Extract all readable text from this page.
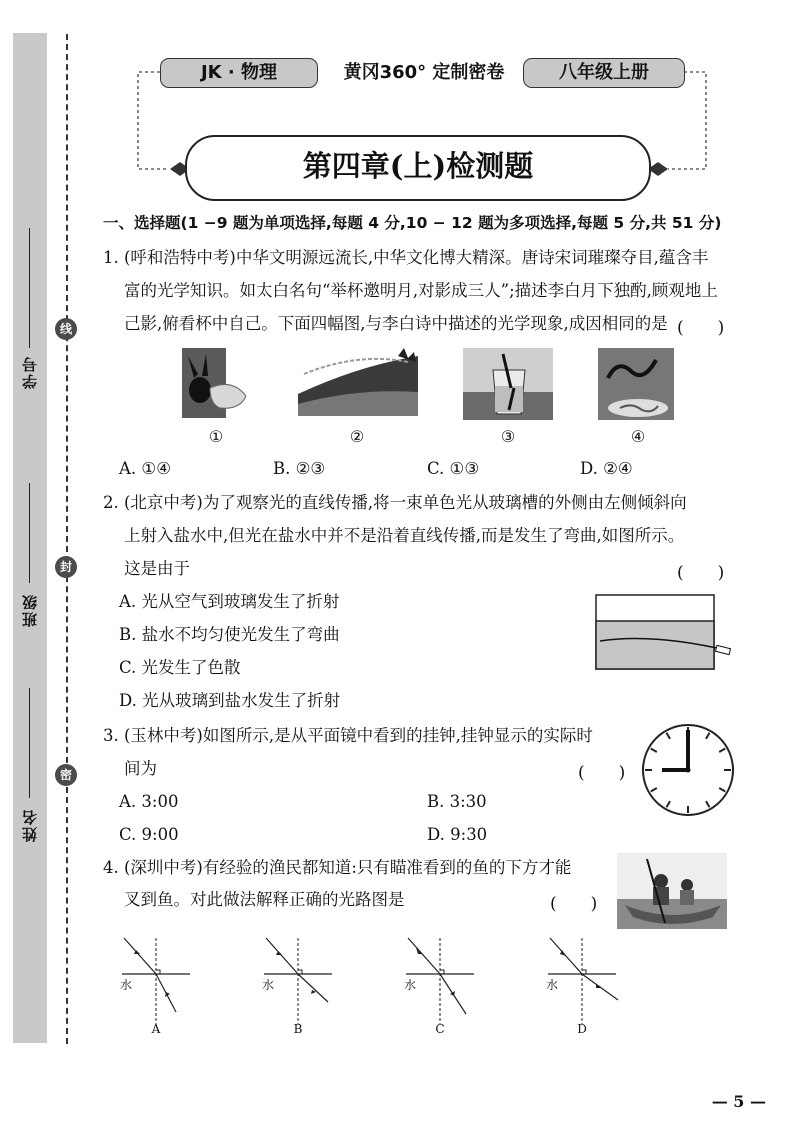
学号
班级
姓名
线
封
密
JK · 物理	黄冈360° 定制密卷	八年级上册
第四章(上)检测题
一、选择题(1 −9 题为单项选择,每题 4 分,10 − 12 题为多项选择,每题 5 分,共 51 分)
1. (呼和浩特中考)中华文明源远流长,中华文化博大精深。唐诗宋词璀璨夺目,蕴含丰
富的光学知识。如太白名句“举杯邀明月,对影成三人”;描述李白月下独酌,顾观地上
己影,俯看杯中自己。下面四幅图,与李白诗中描述的光学现象,成因相同的是 (　　)
①	②	③	④
A. ①④	B. ②③	C. ①③	D. ②④
2. (北京中考)为了观察光的直线传播,将一束单色光从玻璃槽的外侧由左侧倾斜向
上射入盐水中,但光在盐水中并不是沿着直线传播,而是发生了弯曲,如图所示。
这是由于	(　　)
A. 光从空气到玻璃发生了折射
B. 盐水不均匀使光发生了弯曲
C. 光发生了色散
D. 光从玻璃到盐水发生了折射
3. (玉林中考)如图所示,是从平面镜中看到的挂钟,挂钟显示的实际时
间为	(　　)
A. 3:00	B. 3:30
C. 9:00	D. 9:30
4. (深圳中考)有经验的渔民都知道:只有瞄准看到的鱼的下方才能
叉到鱼。对此做法解释正确的光路图是	(　　)
水	水	水	水
A	B	C	D
— 5 —
